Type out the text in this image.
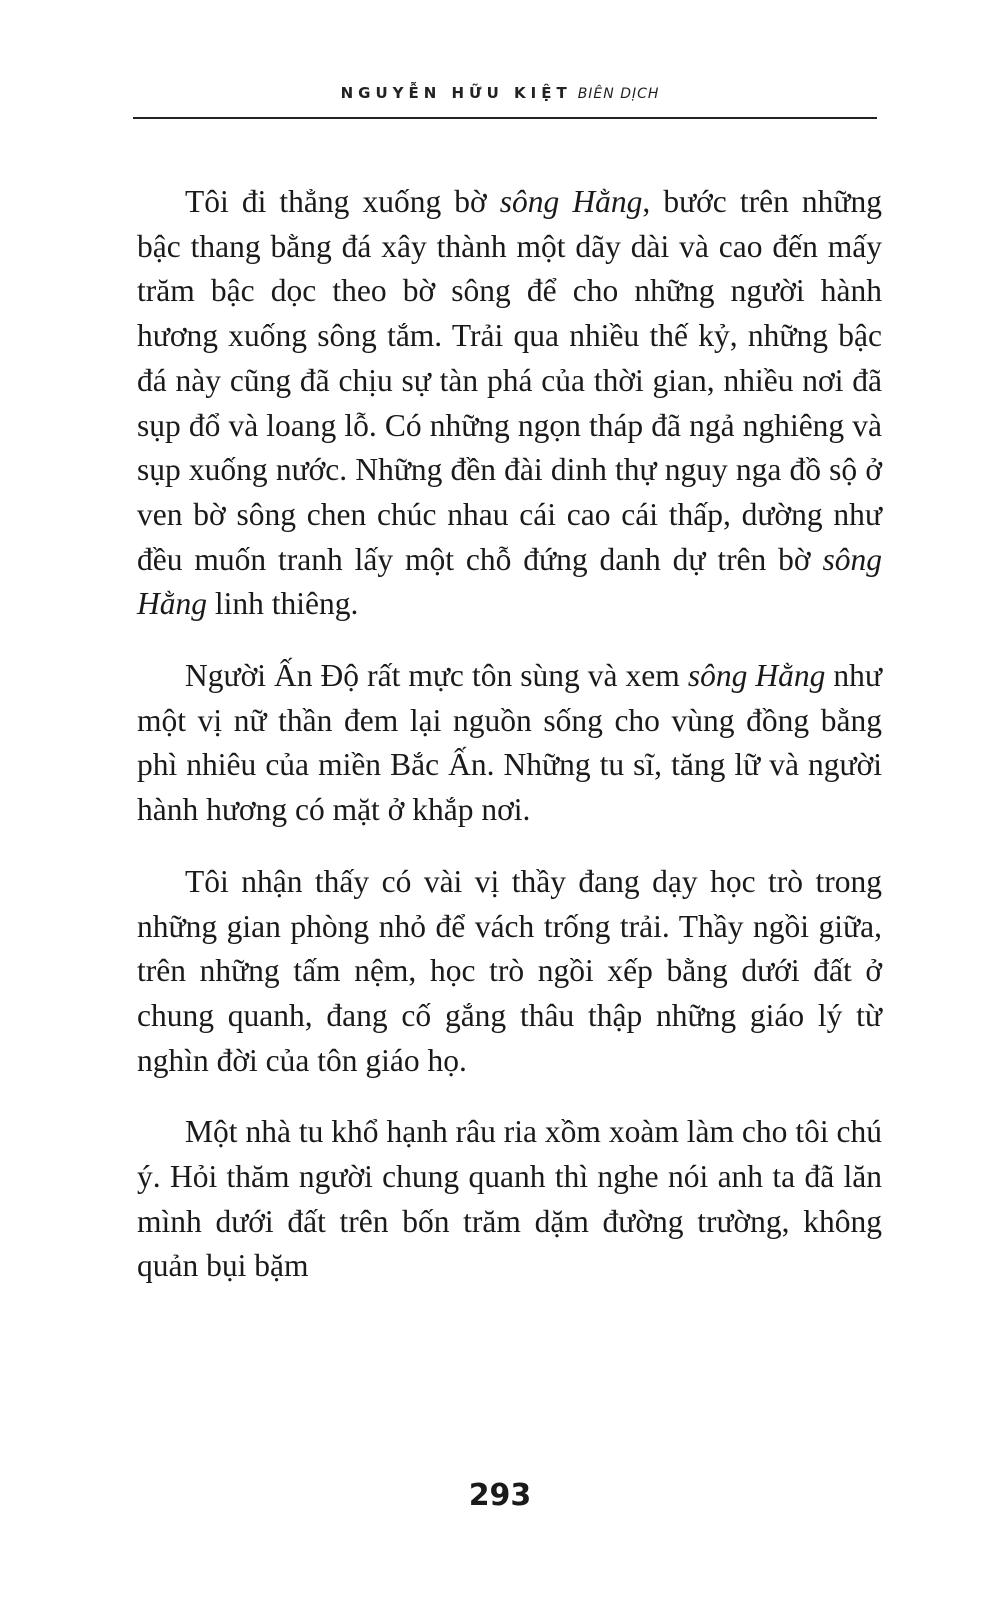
NGUYỄN HỮU KIỆT BIÊN DỊCH

Tôi đi thẳng xuống bờ sông Hằng, bước trên những bậc thang bằng đá xây thành một dãy dài và cao đến mấy trăm bậc dọc theo bờ sông để cho những người hành hương xuống sông tắm. Trải qua nhiều thế kỷ, những bậc đá này cũng đã chịu sự tàn phá của thời gian, nhiều nơi đã sụp đổ và loang lỗ. Có những ngọn tháp đã ngả nghiêng và sụp xuống nước. Những đền đài dinh thự nguy nga đồ sộ ở ven bờ sông chen chúc nhau cái cao cái thấp, dường như đều muốn tranh lấy một chỗ đứng danh dự trên bờ sông Hằng linh thiêng.

Người Ấn Độ rất mực tôn sùng và xem sông Hằng như một vị nữ thần đem lại nguồn sống cho vùng đồng bằng phì nhiêu của miền Bắc Ấn. Những tu sĩ, tăng lữ và người hành hương có mặt ở khắp nơi.

Tôi nhận thấy có vài vị thầy đang dạy học trò trong những gian phòng nhỏ để vách trống trải. Thầy ngồi giữa, trên những tấm nệm, học trò ngồi xếp bằng dưới đất ở chung quanh, đang cố gắng thâu thập những giáo lý từ nghìn đời của tôn giáo họ.

Một nhà tu khổ hạnh râu ria xồm xoàm làm cho tôi chú ý. Hỏi thăm người chung quanh thì nghe nói anh ta đã lăn mình dưới đất trên bốn trăm dặm đường trường, không quản bụi bặm

293
